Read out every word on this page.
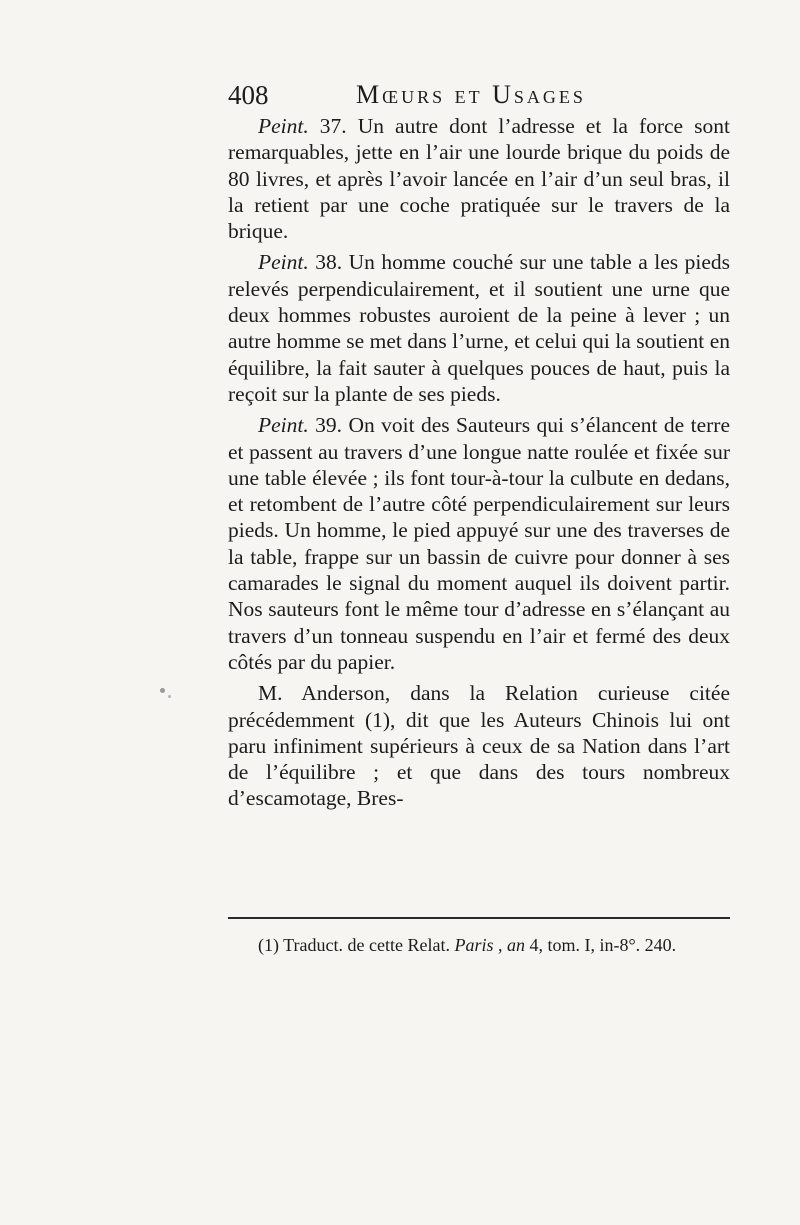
408	Mœurs et Usages

Peint. 37. Un autre dont l’adresse et la force sont remarquables, jette en l’air une lourde brique du poids de 80 livres, et après l’avoir lancée en l’air d’un seul bras, il la retient par une coche pratiquée sur le travers de la brique.

Peint. 38. Un homme couché sur une table a les pieds relevés perpendiculairement, et il soutient une urne que deux hommes robustes auroient de la peine à lever ; un autre homme se met dans l’urne, et celui qui la soutient en équilibre, la fait sauter à quelques pouces de haut, puis la reçoit sur la plante de ses pieds.

Peint. 39. On voit des Sauteurs qui s’élancent de terre et passent au travers d’une longue natte roulée et fixée sur une table élevée ; ils font tour-à-tour la culbute en dedans, et retombent de l’autre côté perpendiculairement sur leurs pieds. Un homme, le pied appuyé sur une des traverses de la table, frappe sur un bassin de cuivre pour donner à ses camarades le signal du moment auquel ils doivent partir. Nos sauteurs font le même tour d’adresse en s’élançant au travers d’un tonneau suspendu en l’air et fermé des deux côtés par du papier.

M. Anderson, dans la Relation curieuse citée précédemment (1), dit que les Auteurs Chinois lui ont paru infiniment supérieurs à ceux de sa Nation dans l’art de l’équilibre ; et que dans des tours nombreux d’escamotage, Bres-

(1) Traduct. de cette Relat. Paris , an 4, tom. I, in-8°. 240.
